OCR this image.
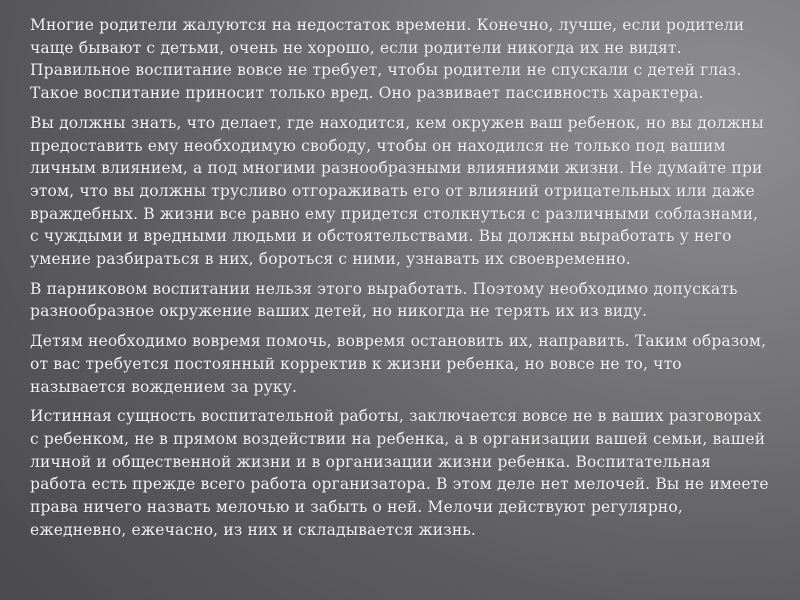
Многие родители жалуются на недостаток времени. Конечно, лучше, если родители чаще бывают с детьми, очень не хорошо, если родители никогда их не видят. Правильное воспитание вовсе не требует, чтобы родители не спускали с детей глаз. Такое воспитание приносит только вред. Оно развивает пассивность характера.

Вы должны знать, что делает, где находится, кем окружен ваш ребенок, но вы должны предоставить ему необходимую свободу, чтобы он находился не только под вашим личным влиянием, а под многими разнообразными влияниями жизни. Не думайте при этом, что вы должны трусливо отгораживать его от влияний отрицательных или даже враждебных. В жизни все равно ему придется столкнуться с различными соблазнами, с чуждыми и вредными людьми и обстоятельствами. Вы должны выработать у него умение разбираться в них, бороться с ними, узнавать их своевременно.

В парниковом воспитании нельзя этого выработать. Поэтому необходимо допускать разнообразное окружение ваших детей, но никогда не терять их из виду.

Детям необходимо вовремя помочь, вовремя остановить их, направить. Таким образом, от вас требуется постоянный корректив к жизни ребенка, но вовсе не то, что называется вождением за руку.

Истинная сущность воспитательной работы, заключается вовсе не в ваших разговорах с ребенком, не в прямом воздействии на ребенка, а в организации вашей семьи, вашей личной и общественной жизни и в организации жизни ребенка. Воспитательная работа есть прежде всего работа организатора. В этом деле нет мелочей. Вы не имеете права ничего назвать мелочью и забыть о ней. Мелочи действуют регулярно, ежедневно, ежечасно, из них и складывается жизнь.
